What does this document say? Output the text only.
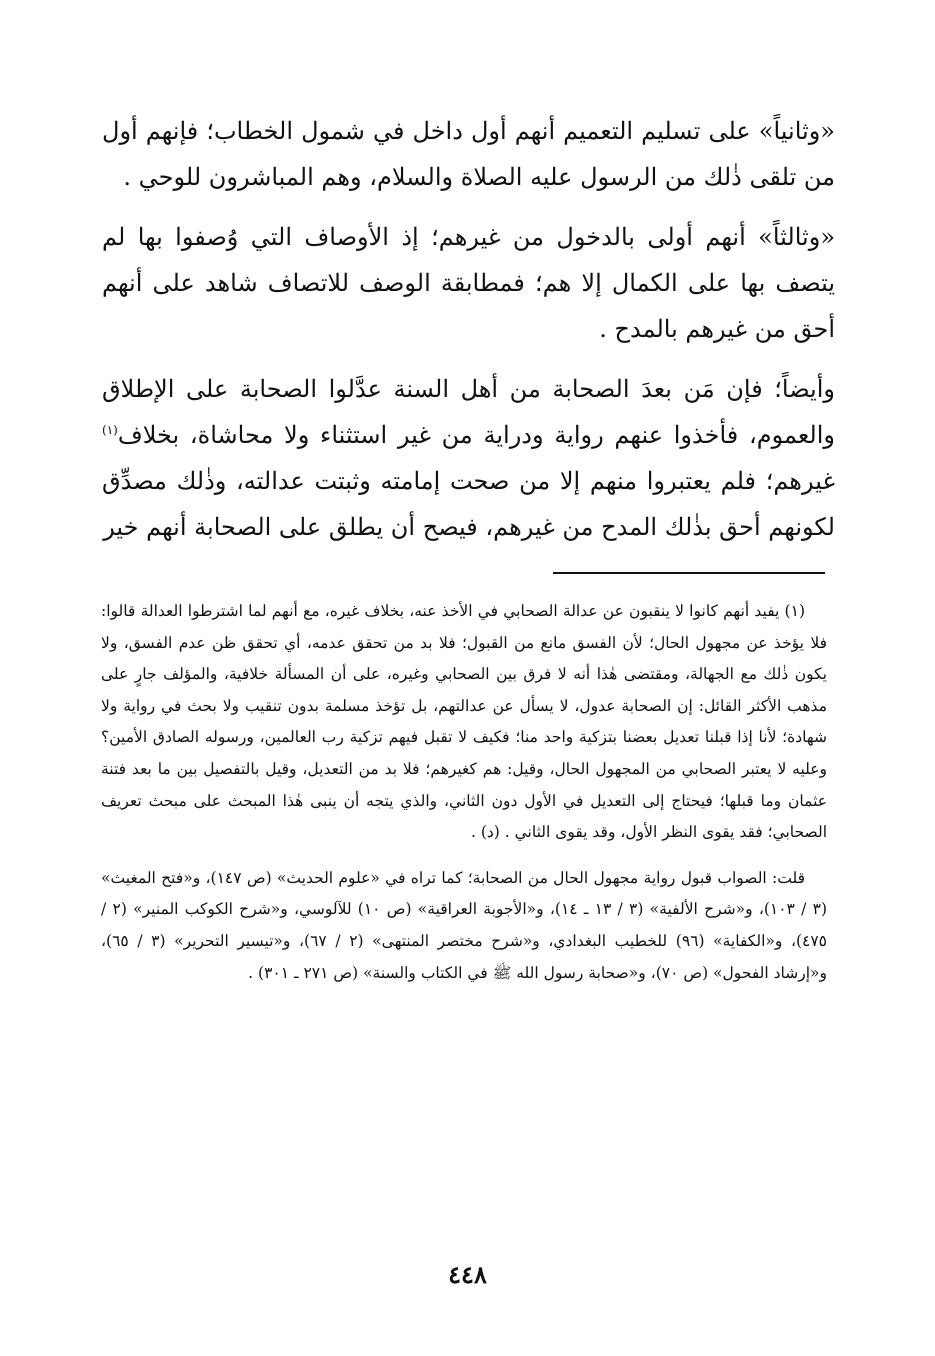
«وثانياً» على تسليم التعميم أنهم أول داخل في شمول الخطاب؛ فإنهم أول من تلقى ذٰلك من الرسول عليه الصلاة والسلام، وهم المباشرون للوحي .

«وثالثاً» أنهم أولى بالدخول من غيرهم؛ إذ الأوصاف التي وُصفوا بها لم يتصف بها على الكمال إلا هم؛ فمطابقة الوصف للاتصاف شاهد على أنهم أحق من غيرهم بالمدح .

وأيضاً؛ فإن مَن بعدَ الصحابة من أهل السنة عدَّلوا الصحابة على الإطلاق والعموم، فأخذوا عنهم رواية ودراية من غير استثناء ولا محاشاة، بخلاف$^{(١)}$ غيرهم؛ فلم يعتبروا منهم إلا من صحت إمامته وثبتت عدالته، وذٰلك مصدِّق لكونهم أحق بذٰلك المدح من غيرهم، فيصح أن يطلق على الصحابة أنهم خير

(١) يفيد أنهم كانوا لا ينقبون عن عدالة الصحابي في الأخذ عنه، بخلاف غيره، مع أنهم لما اشترطوا العدالة قالوا: فلا يؤخذ عن مجهول الحال؛ لأن الفسق مانع من القبول؛ فلا بد من تحقق عدمه، أي تحقق ظن عدم الفسق، ولا يكون ذٰلك مع الجهالة، ومقتضى هٰذا أنه لا فرق بين الصحابي وغيره، على أن المسألة خلافية، والمؤلف جارٍ على مذهب الأكثر القائل: إن الصحابة عدول، لا يسأل عن عدالتهم، بل تؤخذ مسلمة بدون تنقيب ولا بحث في رواية ولا شهادة؛ لأنا إذا قبلنا تعديل بعضنا بتزكية واحد منا؛ فكيف لا تقبل فيهم تزكية رب العالمين، ورسوله الصادق الأمين؟ وعليه لا يعتبر الصحابي من المجهول الحال، وقيل: هم كغيرهم؛ فلا بد من التعديل، وقيل بالتفصيل بين ما بعد فتنة عثمان وما قبلها؛ فيحتاج إلى التعديل في الأول دون الثاني، والذي يتجه أن ينبى هٰذا المبحث على مبحث تعريف الصحابي؛ فقد يقوى النظر الأول، وقد يقوى الثاني . (د) .

قلت: الصواب قبول رواية مجهول الحال من الصحابة؛ كما تراه في «علوم الحديث» (ص ١٤٧)، و«فتح المغيث» (٣ / ١٠٣)، و«شرح الألفية» (٣ / ١٣ ـ ١٤)، و«الأجوبة العراقية» (ص ١٠) للآلوسي، و«شرح الكوكب المنير» (٢ / ٤٧٥)، و«الكفاية» (٩٦) للخطيب البغدادي، و«شرح مختصر المنتهى» (٢ / ٦٧)، و«تيسير التحرير» (٣ / ٦٥)، و«إرشاد الفحول» (ص ٧٠)، و«صحابة رسول الله ﷺ في الكتاب والسنة» (ص ٢٧١ ـ ٣٠١) .

٤٤٨
